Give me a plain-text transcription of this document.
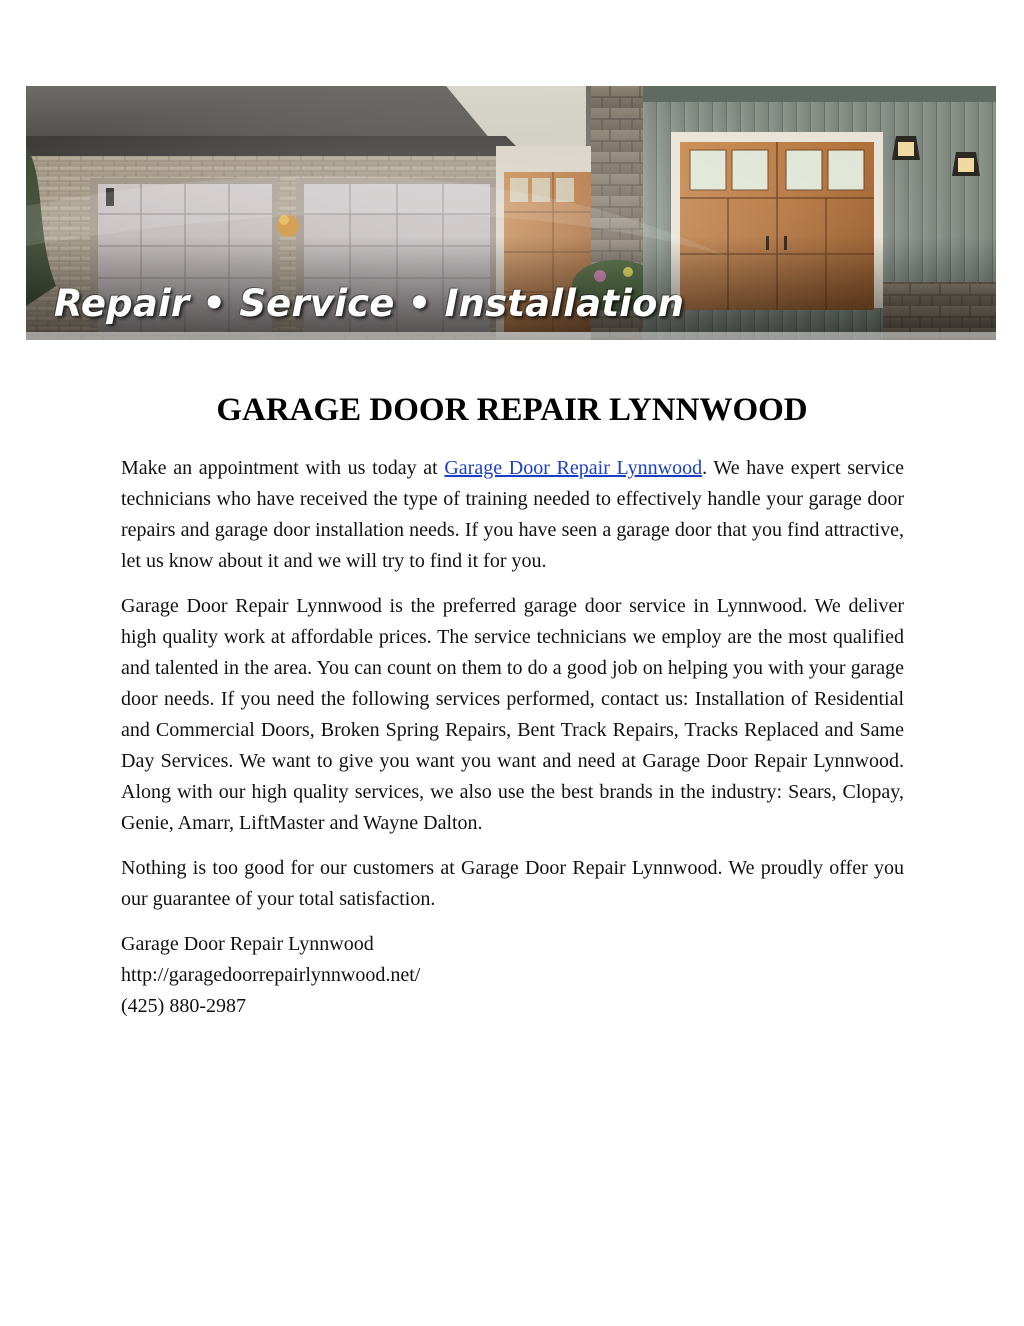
Repair • Service • Installation
GARAGE DOOR REPAIR LYNNWOOD

Make an appointment with us today at Garage Door Repair Lynnwood. We have expert service technicians who have received the type of training needed to effectively handle your garage door repairs and garage door installation needs. If you have seen a garage door that you find attractive, let us know about it and we will try to find it for you.

Garage Door Repair Lynnwood is the preferred garage door service in Lynnwood. We deliver high quality work at affordable prices. The service technicians we employ are the most qualified and talented in the area. You can count on them to do a good job on helping you with your garage door needs. If you need the following services performed, contact us: Installation of Residential and Commercial Doors, Broken Spring Repairs, Bent Track Repairs, Tracks Replaced and Same Day Services. We want to give you want you want and need at Garage Door Repair Lynnwood. Along with our high quality services, we also use the best brands in the industry: Sears, Clopay, Genie, Amarr, LiftMaster and Wayne Dalton.

Nothing is too good for our customers at Garage Door Repair Lynnwood. We proudly offer you our guarantee of your total satisfaction.

Garage Door Repair Lynnwood
http://garagedoorrepairlynnwood.net/
(425) 880-2987
